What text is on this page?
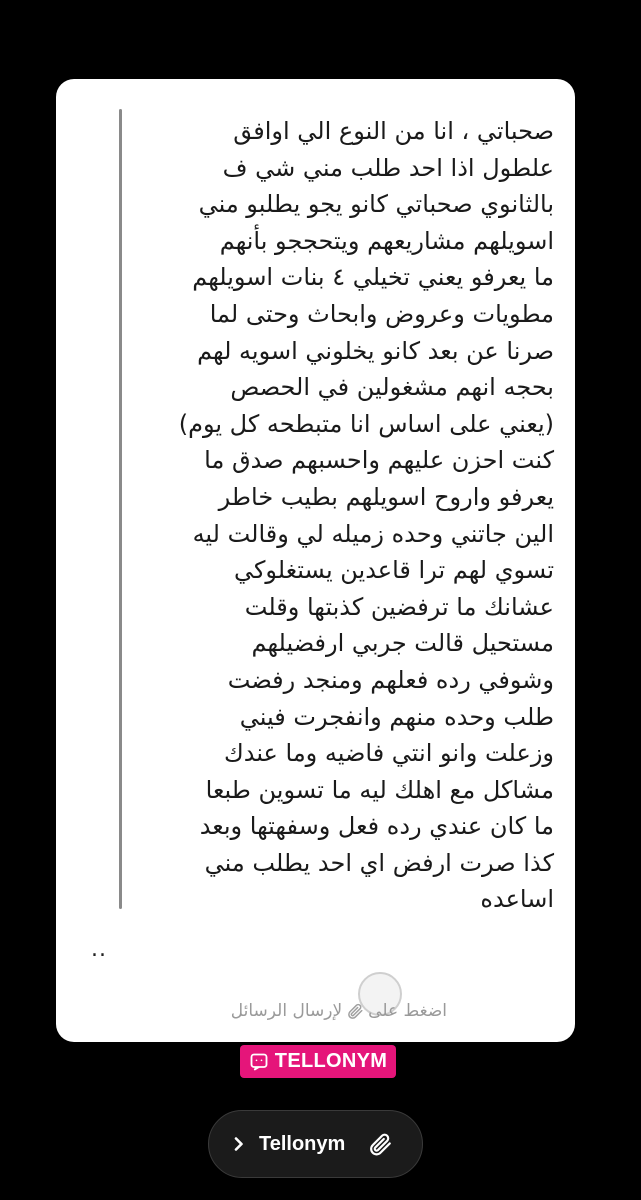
صحباتي ، انا من النوع الي اوافق
علطول اذا احد طلب مني شي ف
بالثانوي صحباتي كانو يجو يطلبو مني
اسويلهم مشاريعهم ويتحججو بأنهم
ما يعرفو يعني تخيلي ٤ بنات اسويلهم
مطويات وعروض وابحاث وحتى لما
صرنا عن بعد كانو يخلوني اسويه لهم
بحجه انهم مشغولين في الحصص
(يعني على اساس انا متبطحه كل يوم)
كنت احزن عليهم واحسبهم صدق ما
يعرفو واروح اسويلهم بطيب خاطر
الين جاتني وحده زميله لي وقالت ليه
تسوي لهم ترا قاعدين يستغلوكي
عشانك ما ترفضين كذبتها وقلت
مستحيل قالت جربي ارفضيلهم
وشوفي رده فعلهم ومنجد رفضت
طلب وحده منهم وانفجرت فيني
وزعلت وانو انتي فاضيه وما عندك
مشاكل مع اهلك ليه ما تسوين طبعا
ما كان عندي رده فعل وسفهتها وبعد
كذا صرت ارفض اي احد يطلب مني
اساعده
..
اضغط على
لإرسال الرسائل
TELLONYM
Tellonym
